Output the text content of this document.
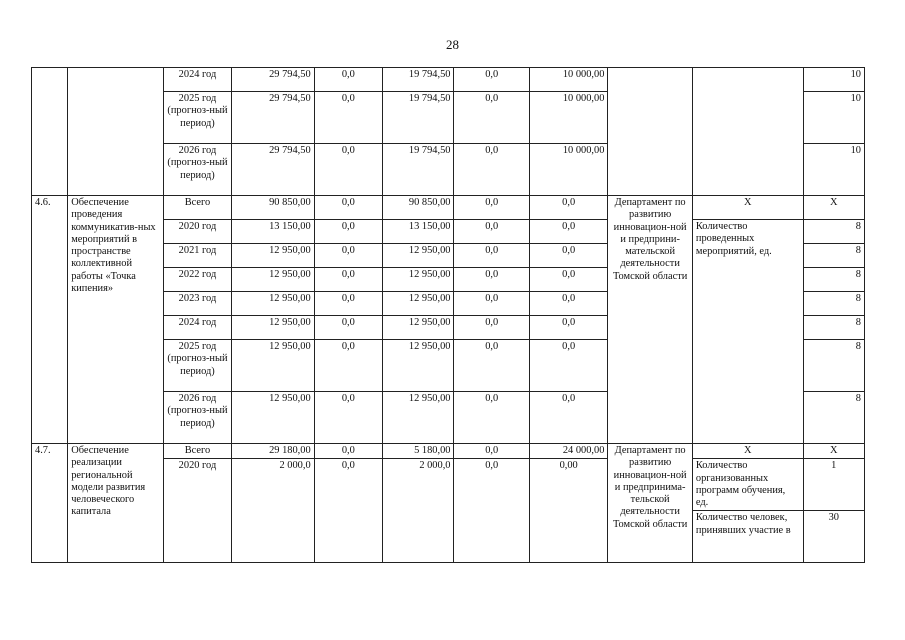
28
		2024 год	29 794,50	0,0	19 794,50	0,0	10 000,00			10
		2025 год (прогноз-ный период)	29 794,50	0,0	19 794,50	0,0	10 000,00			10
		2026 год (прогноз-ный период)	29 794,50	0,0	19 794,50	0,0	10 000,00			10
4.6.	Обеспечение проведения коммуникатив-ных мероприятий в пространстве коллективной работы «Точка кипения»	Всего	90 850,00	0,0	90 850,00	0,0	0,0	Департамент по развитию инновацион-ной и предприни-мательской деятельности Томской области	Х	Х
		2020 год	13 150,00	0,0	13 150,00	0,0	0,0		Количество проведенных мероприятий, ед.	8
		2021 год	12 950,00	0,0	12 950,00	0,0	0,0			8
		2022 год	12 950,00	0,0	12 950,00	0,0	0,0			8
		2023 год	12 950,00	0,0	12 950,00	0,0	0,0			8
		2024 год	12 950,00	0,0	12 950,00	0,0	0,0			8
		2025 год (прогноз-ный период)	12 950,00	0,0	12 950,00	0,0	0,0			8
		2026 год (прогноз-ный период)	12 950,00	0,0	12 950,00	0,0	0,0			8
4.7.	Обеспечение реализации региональной модели развития человеческого капитала	Всего	29 180,00	0,0	5 180,00	0,0	24 000,00	Департамент по развитию инновацион-ной и предпринима-тельской деятельности Томской области	Х	Х
		2020 год	2 000,0	0,0	2 000,0	0,0	0,00		Количество организованных программ обучения, ед.	1
									Количество человек, принявших участие в	30
